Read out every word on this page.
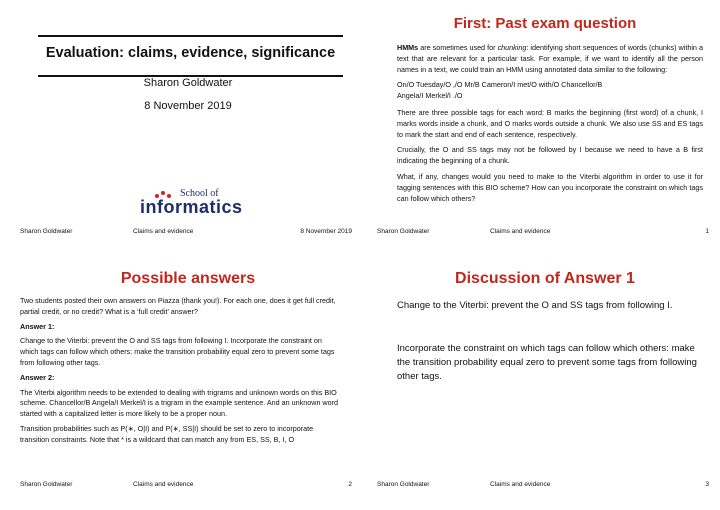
Evaluation: claims, evidence, significance
Sharon Goldwater
8 November 2019
School of
informatics
Sharon Goldwater	Claims and evidence	8 November 2019
First: Past exam question

HMMs are sometimes used for chunking: identifying short sequences of words (chunks) within a text that are relevant for a particular task. For example, if we want to identify all the person names in a text, we could train an HMM using annotated data similar to the following:

On/O Tuesday/O ,/O Mr/B Cameron/I met/O with/O Chancellor/B
Angela/I Merkel/I ./O

There are three possible tags for each word: B marks the beginning (first word) of a chunk, I marks words inside a chunk, and O marks words outside a chunk. We also use SS and ES tags to mark the start and end of each sentence, respectively.

Crucially, the O and SS tags may not be followed by I because we need to have a B first indicating the beginning of a chunk.

What, if any, changes would you need to make to the Viterbi algorithm in order to use it for tagging sentences with this BIO scheme? How can you incorporate the constraint on which tags can follow which others?

Sharon Goldwater	Claims and evidence	1
Possible answers

Two students posted their own answers on Piazza (thank you!). For each one, does it get full credit, partial credit, or no credit? What is a ‘full credit’ answer?

Answer 1:

Change to the Viterbi: prevent the O and SS tags from following I. Incorporate the constraint on which tags can follow which others: make the transition probability equal zero to prevent some tags from following other tags.

Answer 2:

The Viterbi algorithm needs to be extended to dealing with trigrams and unknown words on this BIO scheme. Chancellor/B Angela/I Merkel/I is a trigram in the example sentence. And an unknown word started with a capitalized letter is more likely to be a proper noun.

Transition probabilities such as P(∗, O|I) and P(∗, SS|I) should be set to zero to incorporate transition constraints. Note that * is a wildcard that can match any from ES, SS, B, I, O

Sharon Goldwater	Claims and evidence	2
Discussion of Answer 1
Change to the Viterbi: prevent the O and SS tags from following I.
Incorporate the constraint on which tags can follow which others: make the transition probability equal zero to prevent some tags from following other tags.
Sharon Goldwater	Claims and evidence	3
